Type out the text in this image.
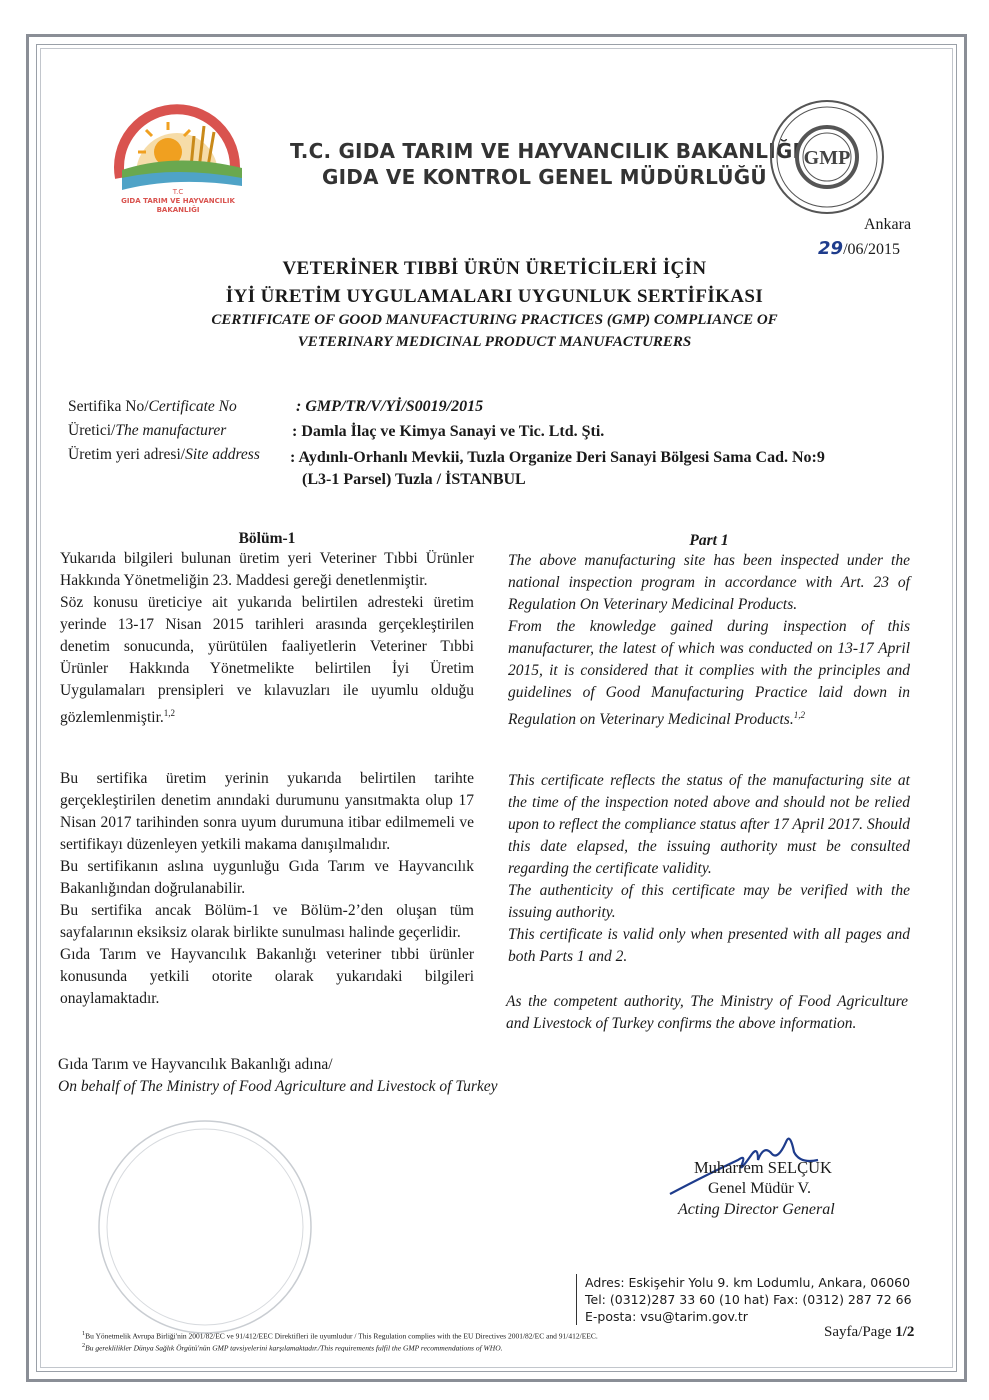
T.C
GIDA TARIM VE HAYVANCILIK
BAKANLIĞI
T.C. GIDA TARIM VE HAYVANCILIK BAKANLIĞI
GIDA VE KONTROL GENEL MÜDÜRLÜĞÜ
GMP
Ankara
29/06/2015
VETERİNER TIBBİ ÜRÜN ÜRETİCİLERİ İÇİN
İYİ ÜRETİM UYGULAMALARI UYGUNLUK SERTİFİKASI
CERTIFICATE OF GOOD MANUFACTURING PRACTICES (GMP) COMPLIANCE OF
VETERINARY MEDICINAL PRODUCT MANUFACTURERS
Sertifika No/Certificate No	: GMP/TR/V/Yİ/S0019/2015
Üretici/The manufacturer	: Damla İlaç ve Kimya Sanayi ve Tic. Ltd. Şti.
Üretim yeri adresi/Site address : Aydınlı-Orhanlı Mevkii, Tuzla Organize Deri Sanayi Bölgesi Sama Cad. No:9
(L3-1 Parsel) Tuzla / İSTANBUL
Bölüm-1
Yukarıda bilgileri bulunan üretim yeri Veteriner Tıbbi Ürünler Hakkında Yönetmeliğin 23. Maddesi gereği denetlenmiştir.
Söz konusu üreticiye ait yukarıda belirtilen adresteki üretim yerinde 13-17 Nisan 2015 tarihleri arasında gerçekleştirilen denetim sonucunda, yürütülen faaliyetlerin Veteriner Tıbbi Ürünler Hakkında Yönetmelikte belirtilen İyi Üretim Uygulamaları prensipleri ve kılavuzları ile uyumlu olduğu gözlemlenmiştir.$^{1,2}$
Bu sertifika üretim yerinin yukarıda belirtilen tarihte gerçekleştirilen denetim anındaki durumunu yansıtmakta olup 17 Nisan 2017 tarihinden sonra uyum durumuna itibar edilmemeli ve sertifikayı düzenleyen yetkili makama danışılmalıdır.
Bu sertifikanın aslına uygunluğu Gıda Tarım ve Hayvancılık Bakanlığından doğrulanabilir.
Bu sertifika ancak Bölüm-1 ve Bölüm-2’den oluşan tüm sayfalarının eksiksiz olarak birlikte sunulması halinde geçerlidir.
Gıda Tarım ve Hayvancılık Bakanlığı veteriner tıbbi ürünler konusunda yetkili otorite olarak yukarıdaki bilgileri onaylamaktadır.
Gıda Tarım ve Hayvancılık Bakanlığı adına/
On behalf of The Ministry of Food Agriculture and Livestock of Turkey
Part 1
The above manufacturing site has been inspected under the national inspection program in accordance with Art. 23 of Regulation On Veterinary Medicinal Products.
From the knowledge gained during inspection of this manufacturer, the latest of which was conducted on 13-17 April 2015, it is considered that it complies with the principles and guidelines of Good Manufacturing Practice laid down in Regulation on Veterinary Medicinal Products.$^{1,2}$
This certificate reflects the status of the manufacturing site at the time of the inspection noted above and should not be relied upon to reflect the compliance status after 17 April 2017. Should this date elapsed, the issuing authority must be consulted regarding the certificate validity.
The authenticity of this certificate may be verified with the issuing authority.
This certificate is valid only when presented with all pages and both Parts 1 and 2.
As the competent authority, The Ministry of Food Agriculture and Livestock of Turkey confirms the above information.
Muharrem SELÇUK
Genel Müdür V.
Acting Director General
Adres: Eskişehir Yolu 9. km Lodumlu, Ankara, 06060
Tel: (0312)287 33 60 (10 hat) Fax: (0312) 287 72 66
E-posta: vsu@tarim.gov.tr
$^1$Bu Yönetmelik Avrupa Birliği'nin 2001/82/EC ve 91/412/EEC Direktifleri ile uyumludur / This Regulation complies with the EU Directives 2001/82/EC and 91/412/EEC.
$^2$Bu gereklilikler Dünya Sağlık Örgütü'nün GMP tavsiyelerini karşılamaktadır./This requirements fulfil the GMP recommendations of WHO.
Sayfa/Page 1/2
